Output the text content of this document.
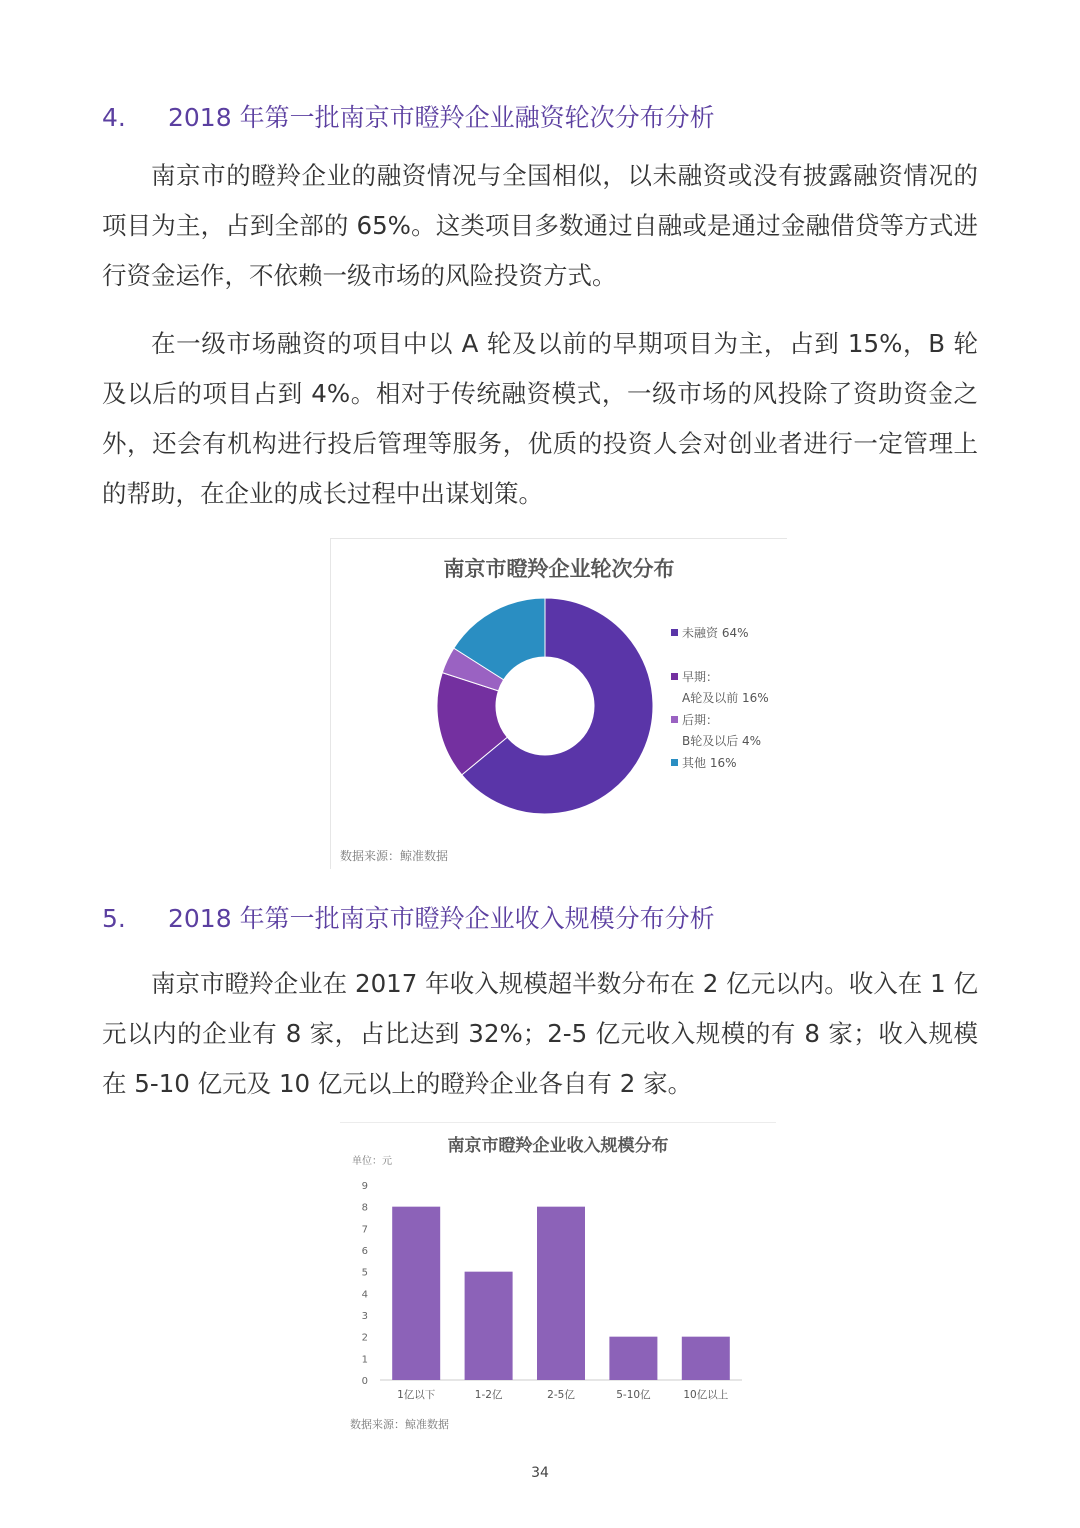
4. 2018 年第一批南京市瞪羚企业融资轮次分布分析

南京市的瞪羚企业的融资情况与全国相似，以未融资或没有披露融资情况的项目为主，占到全部的 65%。这类项目多数通过自融或是通过金融借贷等方式进行资金运作，不依赖一级市场的风险投资方式。

在一级市场融资的项目中以 A 轮及以前的早期项目为主，占到 15%，B 轮及以后的项目占到 4%。相对于传统融资模式，一级市场的风投除了资助资金之外，还会有机构进行投后管理等服务，优质的投资人会对创业者进行一定管理上的帮助，在企业的成长过程中出谋划策。

南京市瞪羚企业轮次分布
未融资 64%
早期：
A轮及以前 16%
后期：
B轮及以后 4%
其他 16%
数据来源：鲸准数据
5. 2018 年第一批南京市瞪羚企业收入规模分布分析

南京市瞪羚企业在 2017 年收入规模超半数分布在 2 亿元以内。收入在 1 亿元以内的企业有 8 家，占比达到 32%；2-5 亿元收入规模的有 8 家；收入规模在 5-10 亿元及 10 亿元以上的瞪羚企业各自有 2 家。

南京市瞪羚企业收入规模分布
单位：元
0
1
2
3
4
5
6
7
8
9
1亿以下	1-2亿	2-5亿	5-10亿	10亿以上
数据来源：鲸准数据
34
